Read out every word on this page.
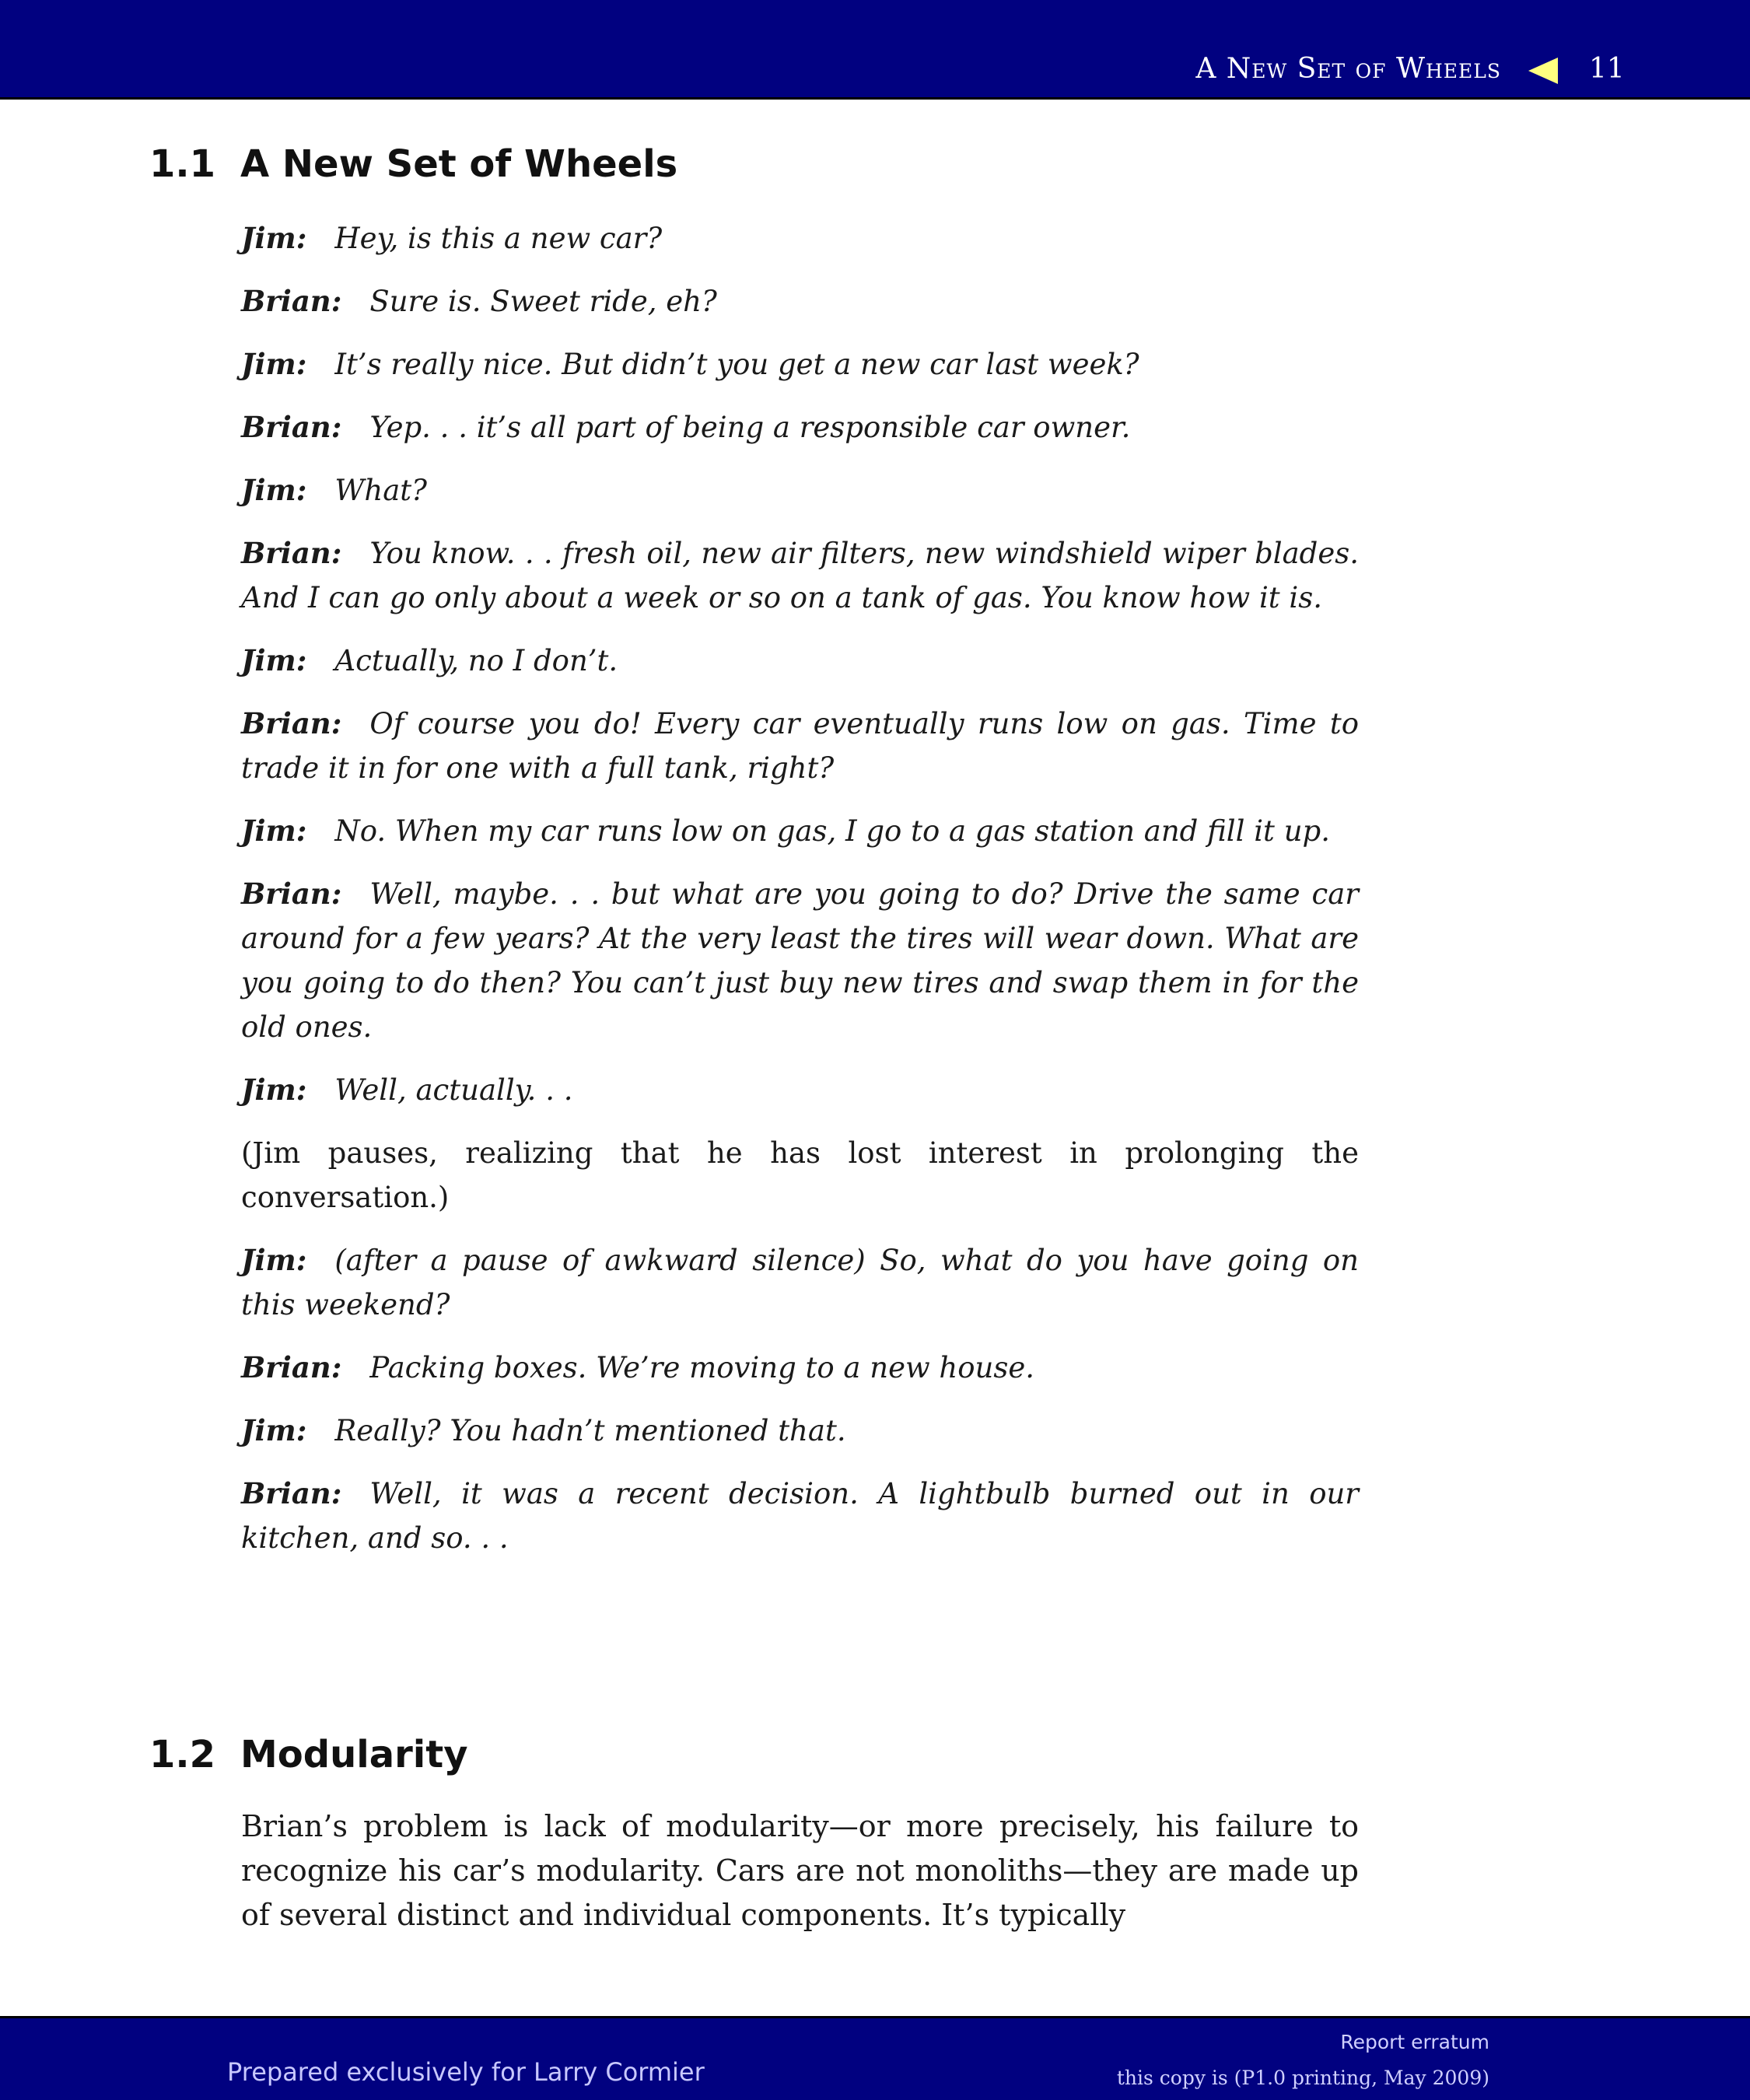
A New Set of Wheels	11
1.1 A New Set of Wheels

Jim: Hey, is this a new car?

Brian: Sure is. Sweet ride, eh?

Jim: It’s really nice. But didn’t you get a new car last week?

Brian: Yep. . . it’s all part of being a responsible car owner.

Jim: What?

Brian: You know. . . fresh oil, new air filters, new windshield wiper blades. And I can go only about a week or so on a tank of gas. You know how it is.

Jim: Actually, no I don’t.

Brian: Of course you do! Every car eventually runs low on gas. Time to trade it in for one with a full tank, right?

Jim: No. When my car runs low on gas, I go to a gas station and fill it up.

Brian: Well, maybe. . . but what are you going to do? Drive the same car around for a few years? At the very least the tires will wear down. What are you going to do then? You can’t just buy new tires and swap them in for the old ones.

Jim: Well, actually. . .

(Jim pauses, realizing that he has lost interest in prolonging the conversation.)

Jim: (after a pause of awkward silence) So, what do you have going on this weekend?

Brian: Packing boxes. We’re moving to a new house.

Jim: Really? You hadn’t mentioned that.

Brian: Well, it was a recent decision. A lightbulb burned out in our kitchen, and so. . .

1.2 Modularity

Brian’s problem is lack of modularity—or more precisely, his failure to recognize his car’s modularity. Cars are not monoliths—they are made up of several distinct and individual components. It’s typically

Prepared exclusively for Larry Cormier
Report erratum
this copy is (P1.0 printing, May 2009)
